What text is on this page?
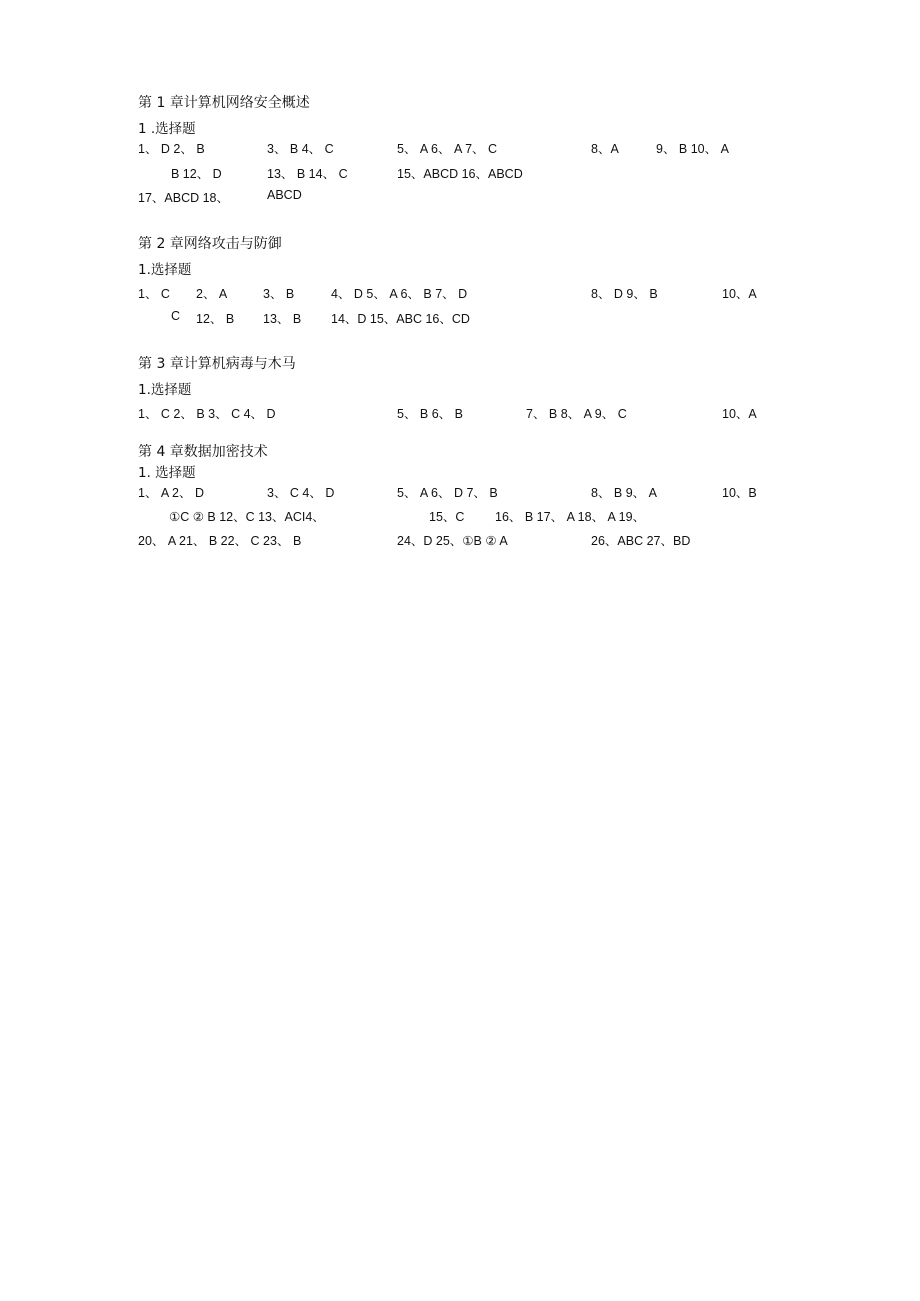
第 1 章计算机网络安全概述
1 .选择题
1、 D 2、 B	3、 B 4、 C	5、 A 6、 A 7、 C	8、A	9、 B 10、 A
B 12、 D	13、 B 14、 C	15、ABCD 16、ABCD
17、ABCD 18、	ABCD
第 2 章网络攻击与防御
1.选择题
1、 C 2、 A	3、 B	4、 D 5、 A 6、 B 7、 D	8、 D 9、 B	10、A
C 12、 B 13、 B 14、D 15、ABC 16、CD
第 3 章计算机病毒与木马
1.选择题
1、 C 2、 B 3、 C 4、 D	5、 B 6、 B	7、 B 8、 A 9、 C	10、A
第 4 章数据加密技术
1. 选择题
1、 A 2、 D	3、 C 4、 D	5、 A 6、 D 7、 B	8、 B 9、 A	10、B
①C ② B 12、C 13、ACI4、	15、C 16、 B 17、 A 18、 A 19、
20、 A 21、 B 22、 C 23、 B	24、D 25、①B ② A	26、ABC 27、BD
